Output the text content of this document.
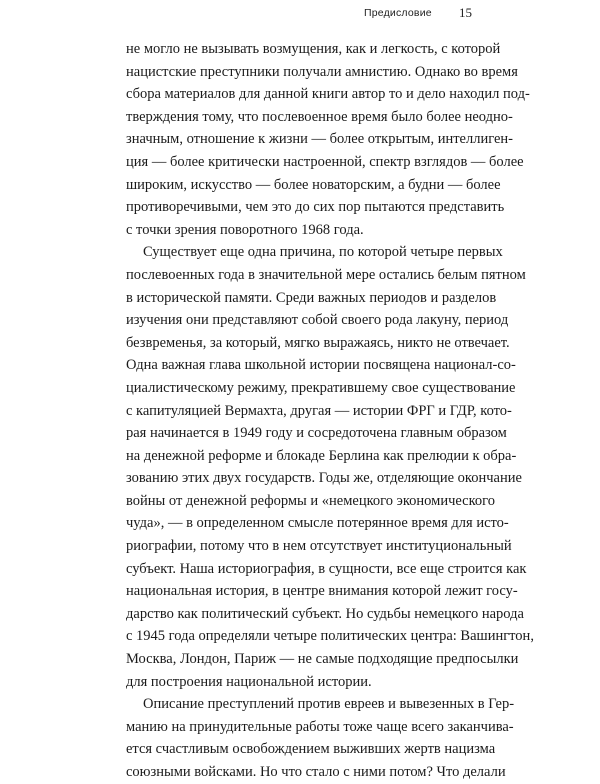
Предисловие 15
не могло не вызывать возмущения, как и легкость, с которой
нацистские преступники получали амнистию. Однако во время
сбора материалов для данной книги автор то и дело находил под-
тверждения тому, что послевоенное время было более неодно-
значным, отношение к жизни — более открытым, интеллиген-
ция — более критически настроенной, спектр взглядов — более
широким, искусство — более новаторским, а будни — более
противоречивыми, чем это до сих пор пытаются представить
с точки зрения поворотного 1968 года.
Существует еще одна причина, по которой четыре первых
послевоенных года в значительной мере остались белым пятном
в исторической памяти. Среди важных периодов и разделов
изучения они представляют собой своего рода лакуну, период
безвременья, за который, мягко выражаясь, никто не отвечает.
Одна важная глава школьной истории посвящена национал-со-
циалистическому режиму, прекратившему свое существование
с капитуляцией Вермахта, другая — истории ФРГ и ГДР, кото-
рая начинается в 1949 году и сосредоточена главным образом
на денежной реформе и блокаде Берлина как прелюдии к обра-
зованию этих двух государств. Годы же, отделяющие окончание
войны от денежной реформы и «немецкого экономического
чуда», — в определенном смысле потерянное время для исто-
риографии, потому что в нем отсутствует институциональный
субъект. Наша историография, в сущности, все еще строится как
национальная история, в центре внимания которой лежит госу-
дарство как политический субъект. Но судьбы немецкого народа
с 1945 года определяли четыре политических центра: Вашингтон,
Москва, Лондон, Париж — не самые подходящие предпосылки
для построения национальной истории.
Описание преступлений против евреев и вывезенных в Гер-
манию на принудительные работы тоже чаще всего заканчива-
ется счастливым освобождением выживших жертв нацизма
союзными войсками. Но что стало с ними потом? Что делали
